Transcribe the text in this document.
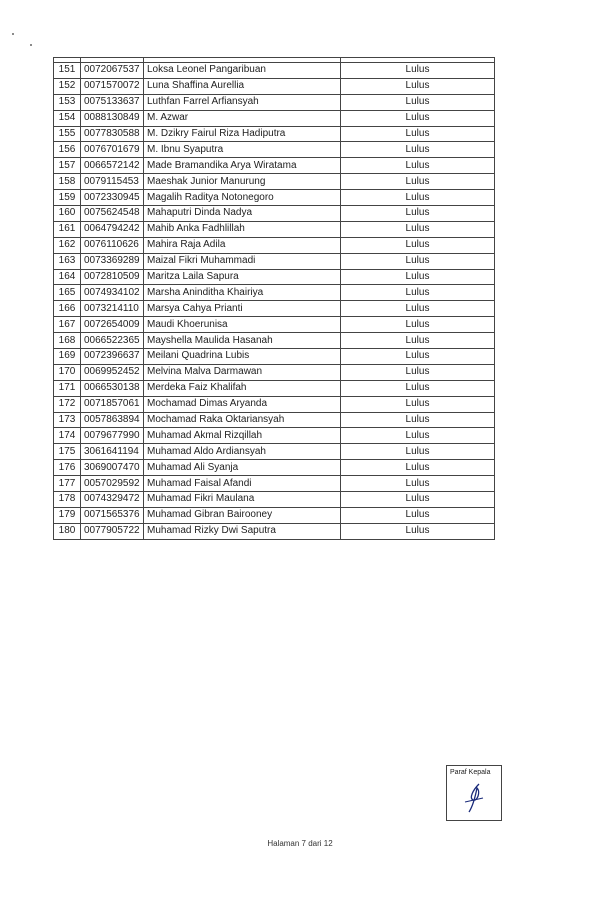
151	0072067537	Loksa Leonel Pangaribuan	Lulus
152	0071570072	Luna Shaffina Aurellia	Lulus
153	0075133637	Luthfan Farrel Arfiansyah	Lulus
154	0088130849	M. Azwar	Lulus
155	0077830588	M. Dzikry Fairul Riza Hadiputra	Lulus
156	0076701679	M. Ibnu Syaputra	Lulus
157	0066572142	Made Bramandika Arya Wiratama	Lulus
158	0079115453	Maeshak Junior Manurung	Lulus
159	0072330945	Magalih Raditya Notonegoro	Lulus
160	0075624548	Mahaputri Dinda Nadya	Lulus
161	0064794242	Mahib Anka Fadhlillah	Lulus
162	0076110626	Mahira Raja Adila	Lulus
163	0073369289	Maizal Fikri Muhammadi	Lulus
164	0072810509	Maritza Laila Sapura	Lulus
165	0074934102	Marsha Aninditha Khairiya	Lulus
166	0073214110	Marsya Cahya Prianti	Lulus
167	0072654009	Maudi Khoerunisa	Lulus
168	0066522365	Mayshella Maulida Hasanah	Lulus
169	0072396637	Meilani Quadrina Lubis	Lulus
170	0069952452	Melvina Malva Darmawan	Lulus
171	0066530138	Merdeka Faiz Khalifah	Lulus
172	0071857061	Mochamad Dimas Aryanda	Lulus
173	0057863894	Mochamad Raka Oktariansyah	Lulus
174	0079677990	Muhamad Akmal Rizqillah	Lulus
175	3061641194	Muhamad Aldo Ardiansyah	Lulus
176	3069007470	Muhamad Ali Syanja	Lulus
177	0057029592	Muhamad Faisal Afandi	Lulus
178	0074329472	Muhamad Fikri Maulana	Lulus
179	0071565376	Muhamad Gibran Bairooney	Lulus
180	0077905722	Muhamad Rizky Dwi Saputra	Lulus
Paraf Kepala
Halaman 7 dari 12
